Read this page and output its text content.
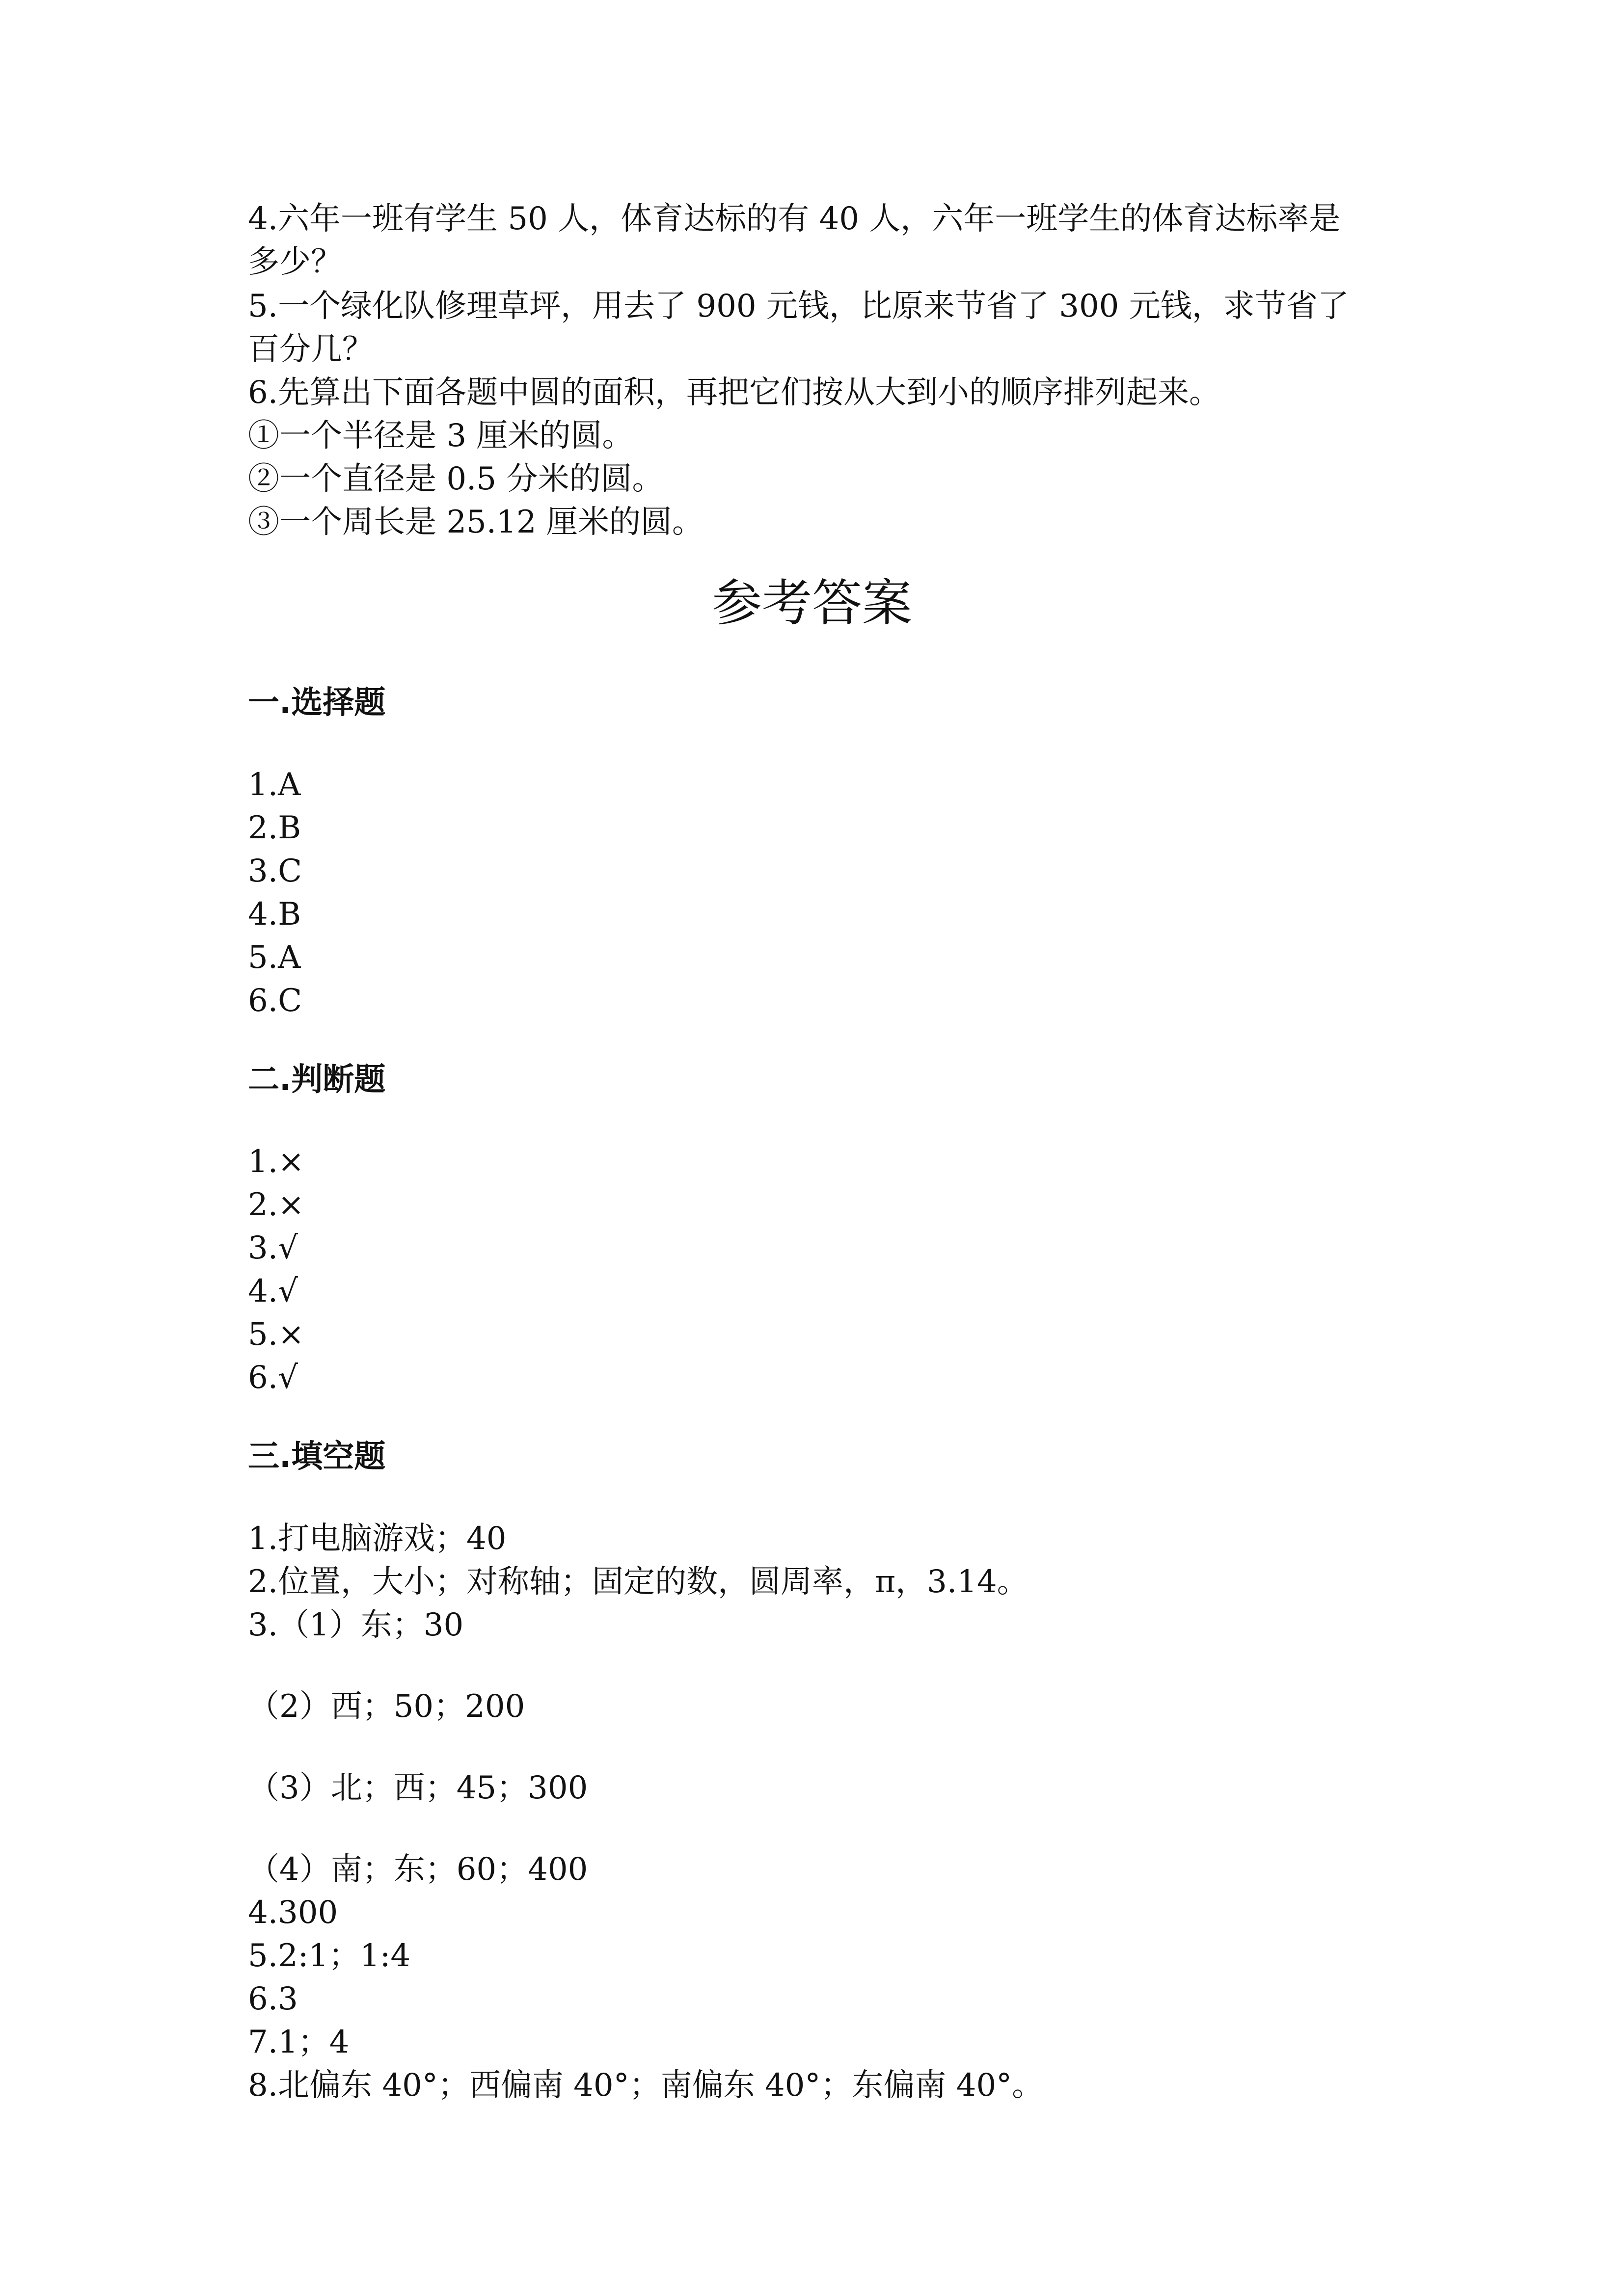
4.六年一班有学生 50 人，体育达标的有 40 人，六年一班学生的体育达标率是
多少？
5.一个绿化队修理草坪，用去了 900 元钱，比原来节省了 300 元钱，求节省了
百分几？
6.先算出下面各题中圆的面积，再把它们按从大到小的顺序排列起来。
①一个半径是 3 厘米的圆。
②一个直径是 0.5 分米的圆。
③一个周长是 25.12 厘米的圆。
参考答案
一.选择题
1.A
2.B
3.C
4.B
5.A
6.C
二.判断题
1.×
2.×
3.√
4.√
5.×
6.√
三.填空题
1.打电脑游戏；40
2.位置，大小；对称轴；固定的数，圆周率，π，3.14。
3.（1）东；30
（2）西；50；200
（3）北；西；45；300
（4）南；东；60；400
4.300
5.2:1；1:4
6.3
7.1；4
8.北偏东 40°；西偏南 40°；南偏东 40°；东偏南 40°。
